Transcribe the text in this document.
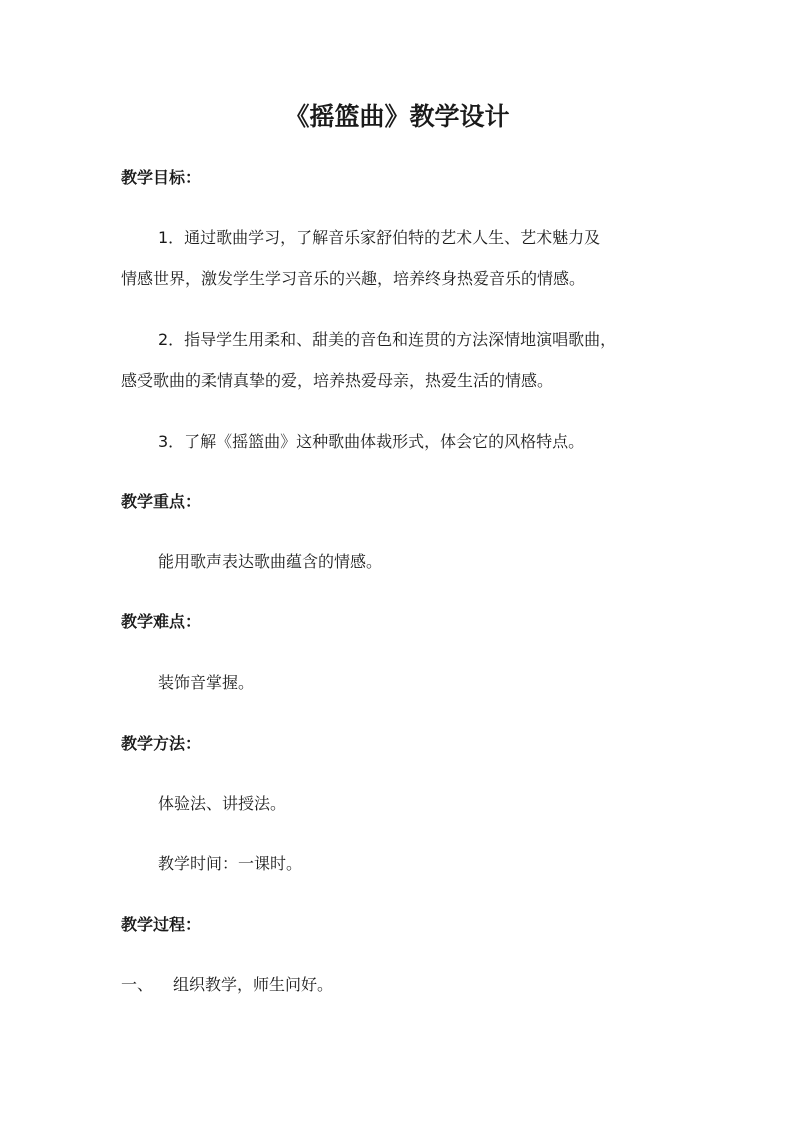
《摇篮曲》教学设计
教学目标：
1．通过歌曲学习，了解音乐家舒伯特的艺术人生、艺术魅力及
情感世界，激发学生学习音乐的兴趣，培养终身热爱音乐的情感。
2．指导学生用柔和、甜美的音色和连贯的方法深情地演唱歌曲，
感受歌曲的柔情真挚的爱，培养热爱母亲，热爱生活的情感。
3．了解《摇篮曲》这种歌曲体裁形式，体会它的风格特点。
教学重点：
能用歌声表达歌曲蕴含的情感。
教学难点：
装饰音掌握。
教学方法：
体验法、讲授法。
教学时间：一课时。
教学过程：
一、 组织教学，师生问好。
